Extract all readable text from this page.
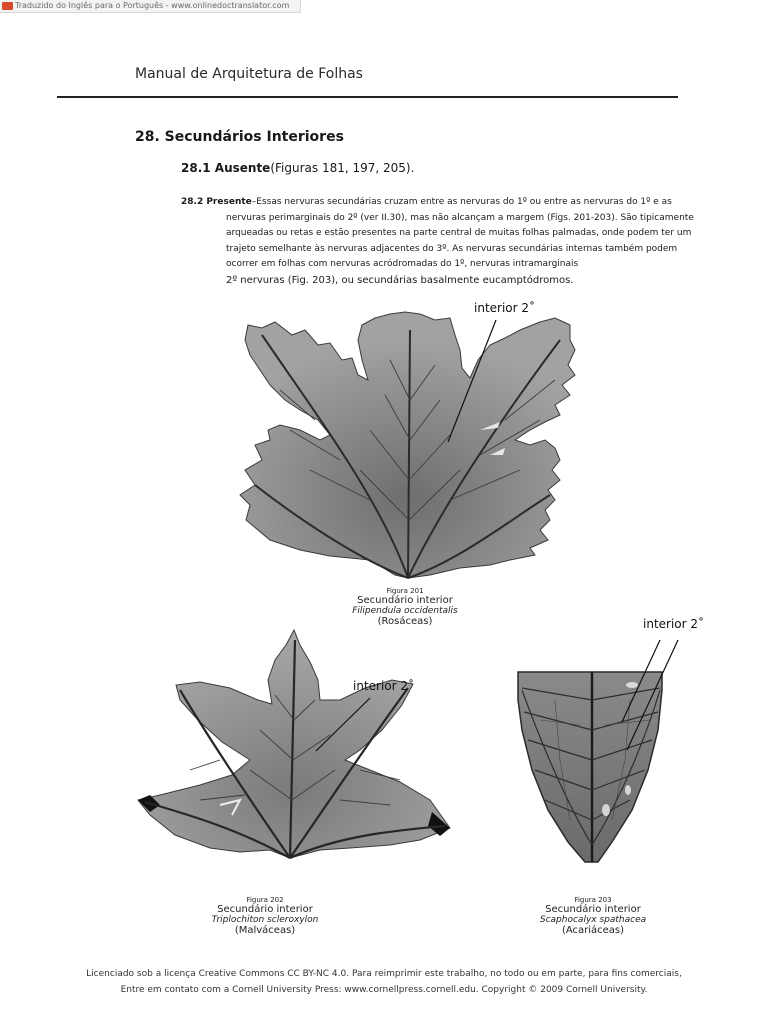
Traduzido do Inglês para o Português - www.onlinedoctranslator.com
Manual de Arquitetura de Folhas
28. Secundários Interiores
28.1 Ausente(Figuras 181, 197, 205).
28.2 Presente–Essas nervuras secundárias cruzam entre as nervuras do 1º ou entre as nervuras do 1º e as
nervuras perimarginais do 2º (ver II.30), mas não alcançam a margem (Figs. 201-203). São tipicamente
arqueadas ou retas e estão presentes na parte central de muitas folhas palmadas, onde podem ter um
trajeto semelhante às nervuras adjacentes do 3º. As nervuras secundárias internas também podem
ocorrer em folhas com nervuras acródromadas do 1º, nervuras intramarginais
2º nervuras (Fig. 203), ou secundárias basalmente eucamptódromos.
interior 2˚
Figura 201
Secundário interior
Filipendula occidentalis
(Rosáceas)
interior 2˚
Figura 202
Secundário interior
Triplochiton scleroxylon
(Malváceas)
interior 2˚
Figura 203
Secundário interior
Scaphocalyx spathacea
(Acariáceas)
Licenciado sob a licença Creative Commons CC BY-NC 4.0. Para reimprimir este trabalho, no todo ou em parte, para fins comerciais,
Entre em contato com a Cornell University Press: www.cornellpress.cornell.edu. Copyright © 2009 Cornell University.
